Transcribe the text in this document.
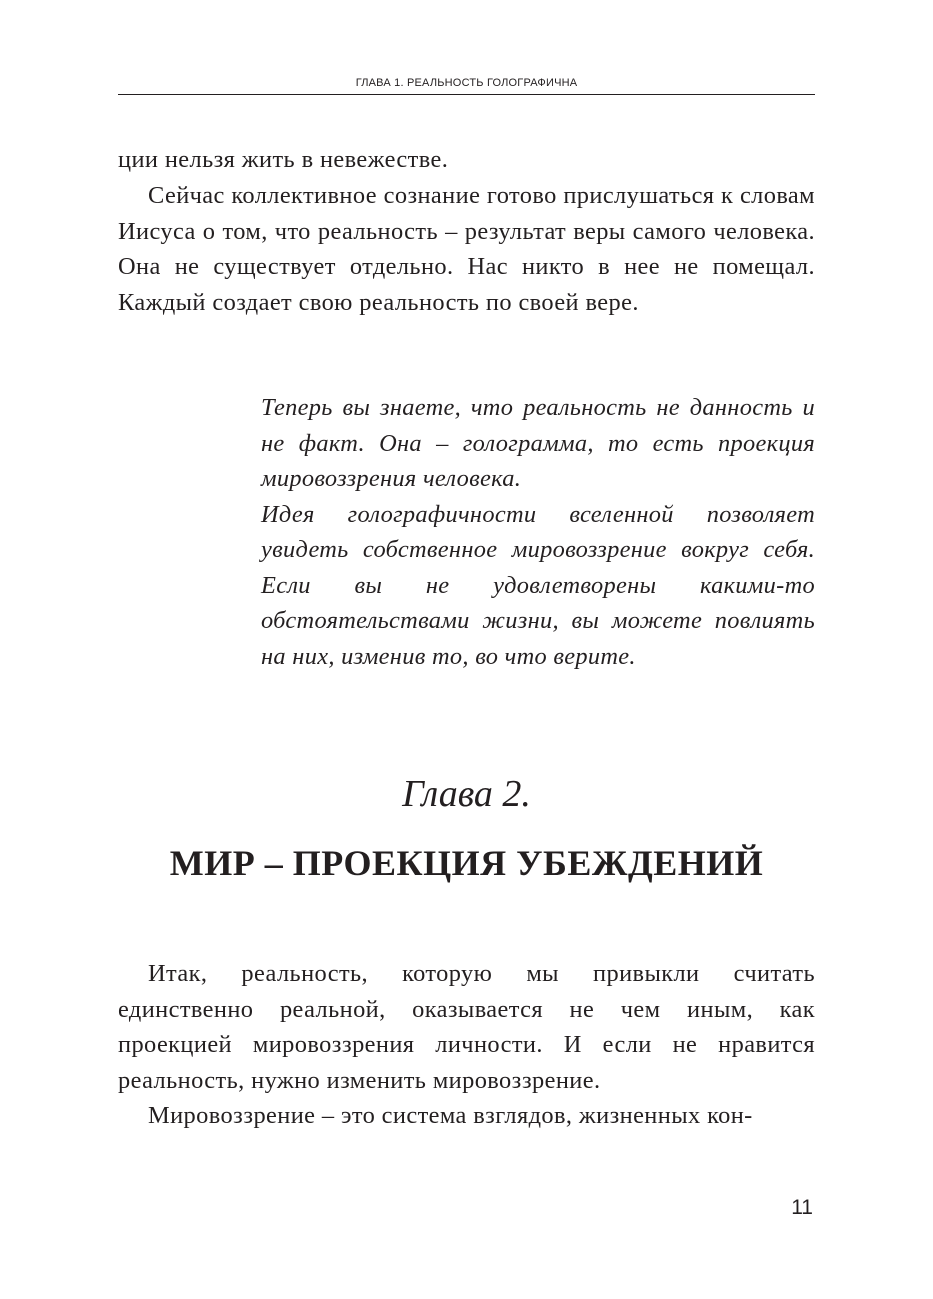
ГЛАВА 1. РЕАЛЬНОСТЬ ГОЛОГРАФИЧНА

ции нельзя жить в невежестве.

Сейчас коллективное сознание готово прислушаться к словам Иисуса о том, что реальность – результат веры самого человека. Она не существует отдельно. Нас никто в нее не помещал. Каждый создает свою реальность по своей вере.

Теперь вы знаете, что реальность не данность и не факт. Она – голограмма, то есть проекция мировоззрения человека.

Идея голографичности вселенной позволяет увидеть собственное мировоззрение вокруг себя. Если вы не удовлетворены какими-то обстоятельствами жизни, вы можете повлиять на них, изменив то, во что верите.

Глава 2.
МИР – ПРОЕКЦИЯ УБЕЖДЕНИЙ

Итак, реальность, которую мы привыкли считать единственно реальной, оказывается не чем иным, как проекцией мировоззрения личности. И если не нравится реальность, нужно изменить мировоззрение.

Мировоззрение – это система взглядов, жизненных кон-

11
